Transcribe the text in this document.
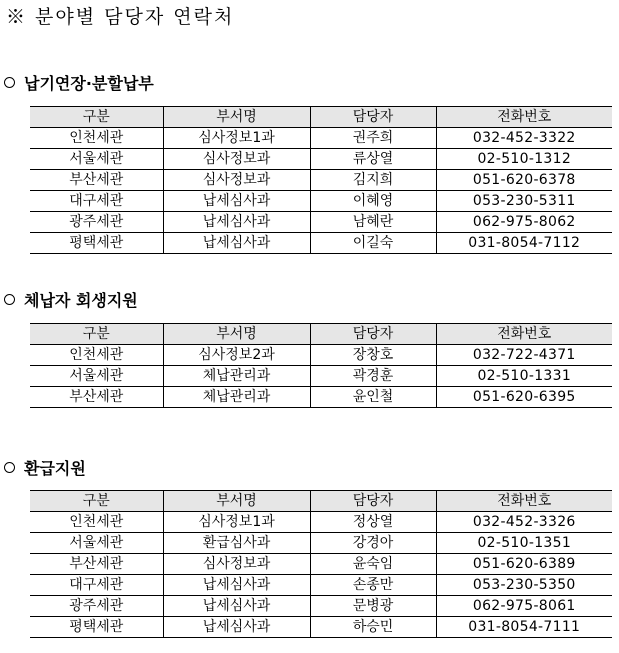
※ 분야별 담당자 연락처
납기연장·분할납부
구분	부서명	담당자	전화번호
인천세관	심사정보1과	권주희	032-452-3322
서울세관	심사정보과	류상열	02-510-1312
부산세관	심사정보과	김지희	051-620-6378
대구세관	납세심사과	이혜영	053-230-5311
광주세관	납세심사과	남혜란	062-975-8062
평택세관	납세심사과	이길숙	031-8054-7112
체납자 회생지원
구분	부서명	담당자	전화번호
인천세관	심사정보2과	장창호	032-722-4371
서울세관	체납관리과	곽경훈	02-510-1331
부산세관	체납관리과	윤인철	051-620-6395
환급지원
구분	부서명	담당자	전화번호
인천세관	심사정보1과	정상열	032-452-3326
서울세관	환급심사과	강경아	02-510-1351
부산세관	심사정보과	윤숙임	051-620-6389
대구세관	납세심사과	손종만	053-230-5350
광주세관	납세심사과	문병광	062-975-8061
평택세관	납세심사과	하승민	031-8054-7111
